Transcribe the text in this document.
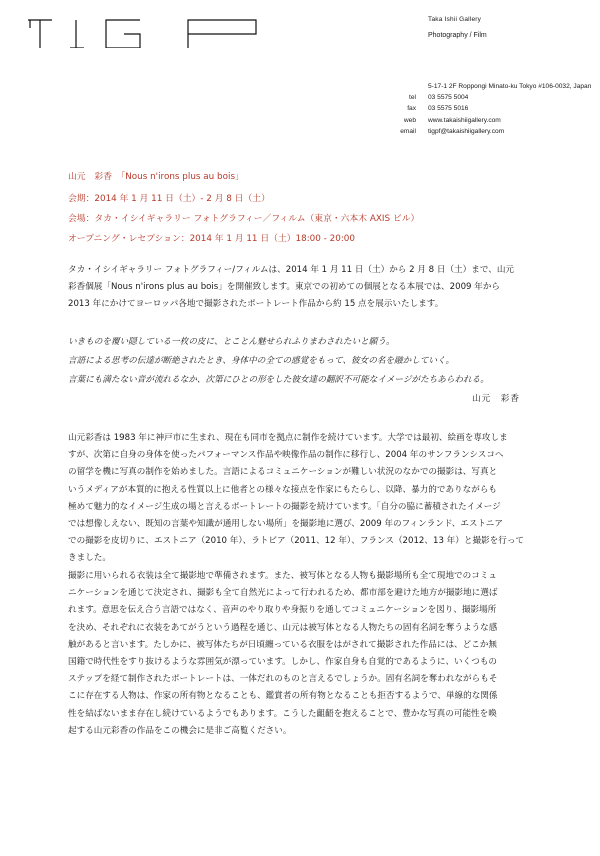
Taka Ishii Gallery
Photography / Film
5-17-1 2F Roppongi Minato-ku Tokyo #106-0032, Japan
tel	03 5575 5004
fax	03 5575 5016
web	www.takaishiigallery.com
email	tigpf@takaishiigallery.com
山元　彩香　「Nous n'irons plus au bois」
会期：2014 年 1 月 11 日（土）- 2 月 8 日（土）
会場：タカ・イシイギャラリー フォトグラフィー／フィルム（東京・六本木 AXIS ビル）
オープニング・レセプション：2014 年 1 月 11 日（土）18:00 - 20:00
タカ・イシイギャラリー フォトグラフィー/フィルムは、2014 年 1 月 11 日（土）から 2 月 8 日（土）まで、山元
彩香個展「Nous n'irons plus au bois」を開催致します。東京での初めての個展となる本展では、2009 年から
2013 年にかけてヨーロッパ各地で撮影されたポートレート作品から約 15 点を展示いたします。
いきものを覆い隠している一枚の皮に、とことん魅せられふりまわされたいと願う。
言語による思考の伝達が断絶されたとき、身体中の全ての感覚をもって、彼女の名を融かしていく。
言葉にも満たない音が流れるなか、次第にひとの形をした彼女達の翻訳不可能なイメージがたちあらわれる。
山元　彩香
山元彩香は 1983 年に神戸市に生まれ、現在も同市を拠点に制作を続けています。大学では最初、絵画を専攻しま
すが、次第に自身の身体を使ったパフォーマンス作品や映像作品の制作に移行し、2004 年のサンフランシスコへ
の留学を機に写真の制作を始めました。言語によるコミュニケーションが難しい状況のなかでの撮影は、写真と
いうメディアが本質的に抱える性質以上に他者との様々な接点を作家にもたらし、以降、暴力的でありながらも
極めて魅力的なイメージ生成の場と言えるポートレートの撮影を続けています。「自分の脇に蓄積されたイメージ
では想像しえない、既知の言葉や知識が通用しない場所」を撮影地に選び、2009 年のフィンランド、エストニア
での撮影を皮切りに、エストニア（2010 年）、ラトビア（2011、12 年）、フランス（2012、13 年）と撮影を行って
きました。
撮影に用いられる衣装は全て撮影地で準備されます。また、被写体となる人物も撮影場所も全て現地でのコミュ
ニケーションを通じて決定され、撮影も全て自然光によって行われるため、都市部を避けた地方が撮影地に選ば
れます。意思を伝え合う言語ではなく、音声のやり取りや身振りを通してコミュニケーションを図り、撮影場所
を決め、それぞれに衣装をあてがうという過程を通じ、山元は被写体となる人物たちの固有名詞を奪うような感
触があると言います。たしかに、被写体たちが日頃纏っている衣服をはがされて撮影された作品には、どこか無
国籍で時代性をすり抜けるような雰囲気が漂っています。しかし、作家自身も自覚的であるように、いくつもの
ステップを経て制作されたポートレートは、一体だれのものと言えるでしょうか。固有名詞を奪われながらもそ
こに存在する人物は、作家の所有物となることも、鑑賞者の所有物となることも拒否するようで、単線的な関係
性を結ばないまま存在し続けているようでもあります。こうした齟齬を抱えることで、豊かな写真の可能性を喚
起する山元彩香の作品をこの機会に是非ご高覧ください。
